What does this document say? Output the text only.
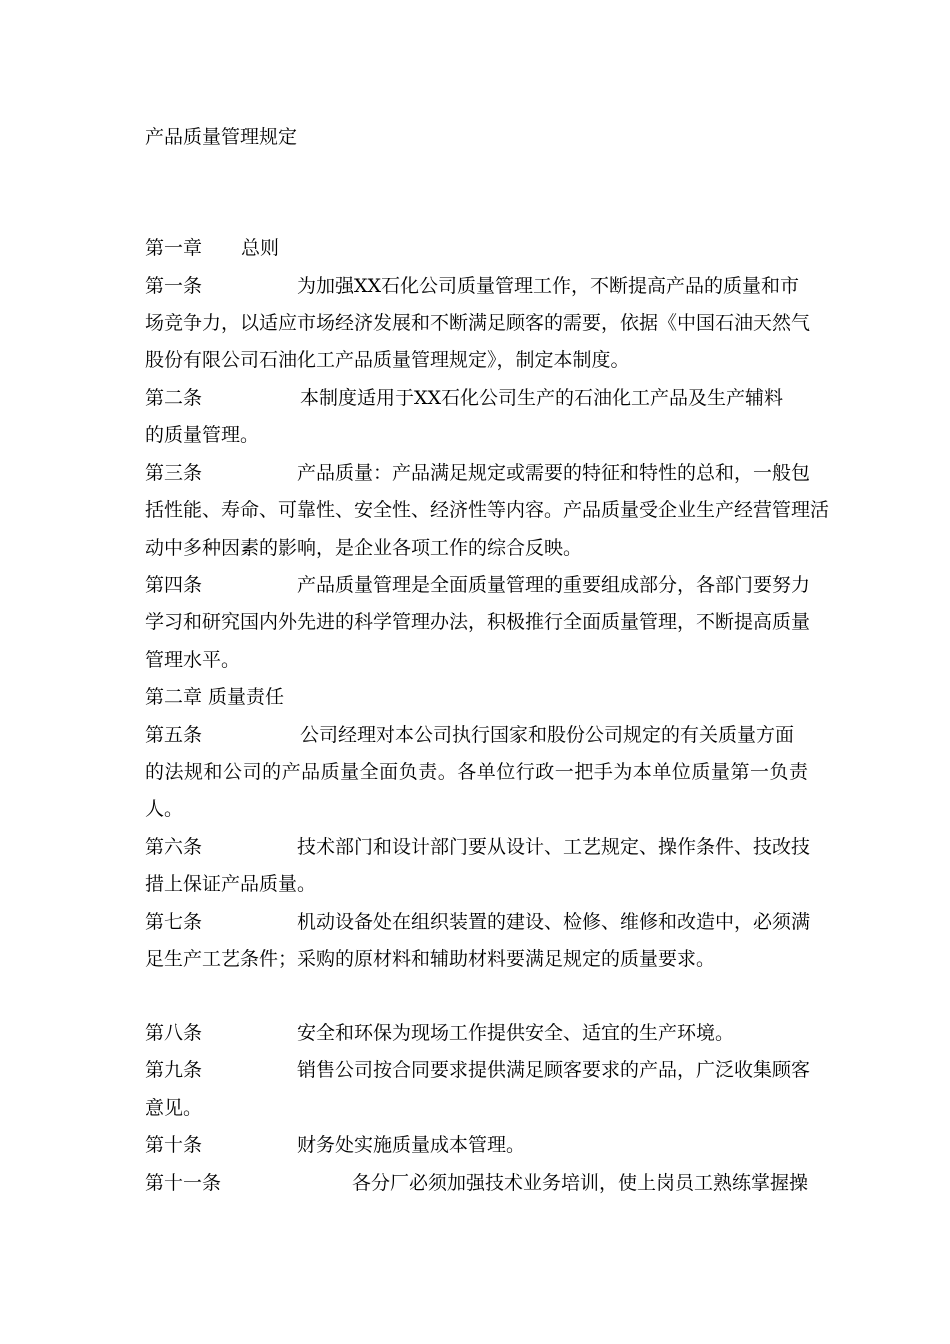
产品质量管理规定
第一章 总则
第一条	为加强XX石化公司质量管理工作，不断提高产品的质量和市
场竞争力，以适应市场经济发展和不断满足顾客的需要，依据《中国石油天然气
股份有限公司石油化工产品质量管理规定》，制定本制度。
第二条	本制度适用于XX石化公司生产的石油化工产品及生产辅料
的质量管理。
第三条	产品质量：产品满足规定或需要的特征和特性的总和，一般包
括性能、寿命、可靠性、安全性、经济性等内容。产品质量受企业生产经营管理活
动中多种因素的影响，是企业各项工作的综合反映。
第四条	产品质量管理是全面质量管理的重要组成部分，各部门要努力
学习和研究国内外先进的科学管理办法，积极推行全面质量管理，不断提高质量
管理水平。
第二章 质量责任
第五条	公司经理对本公司执行国家和股份公司规定的有关质量方面
的法规和公司的产品质量全面负责。各单位行政一把手为本单位质量第一负责
人。
第六条	技术部门和设计部门要从设计、工艺规定、操作条件、技改技
措上保证产品质量。
第七条	机动设备处在组织装置的建设、检修、维修和改造中，必须满
足生产工艺条件；采购的原材料和辅助材料要满足规定的质量要求。
第八条	安全和环保为现场工作提供安全、适宜的生产环境。
第九条	销售公司按合同要求提供满足顾客要求的产品，广泛收集顾客
意见。
第十条	财务处实施质量成本管理。
第十一条	各分厂必须加强技术业务培训，使上岗员工熟练掌握操
